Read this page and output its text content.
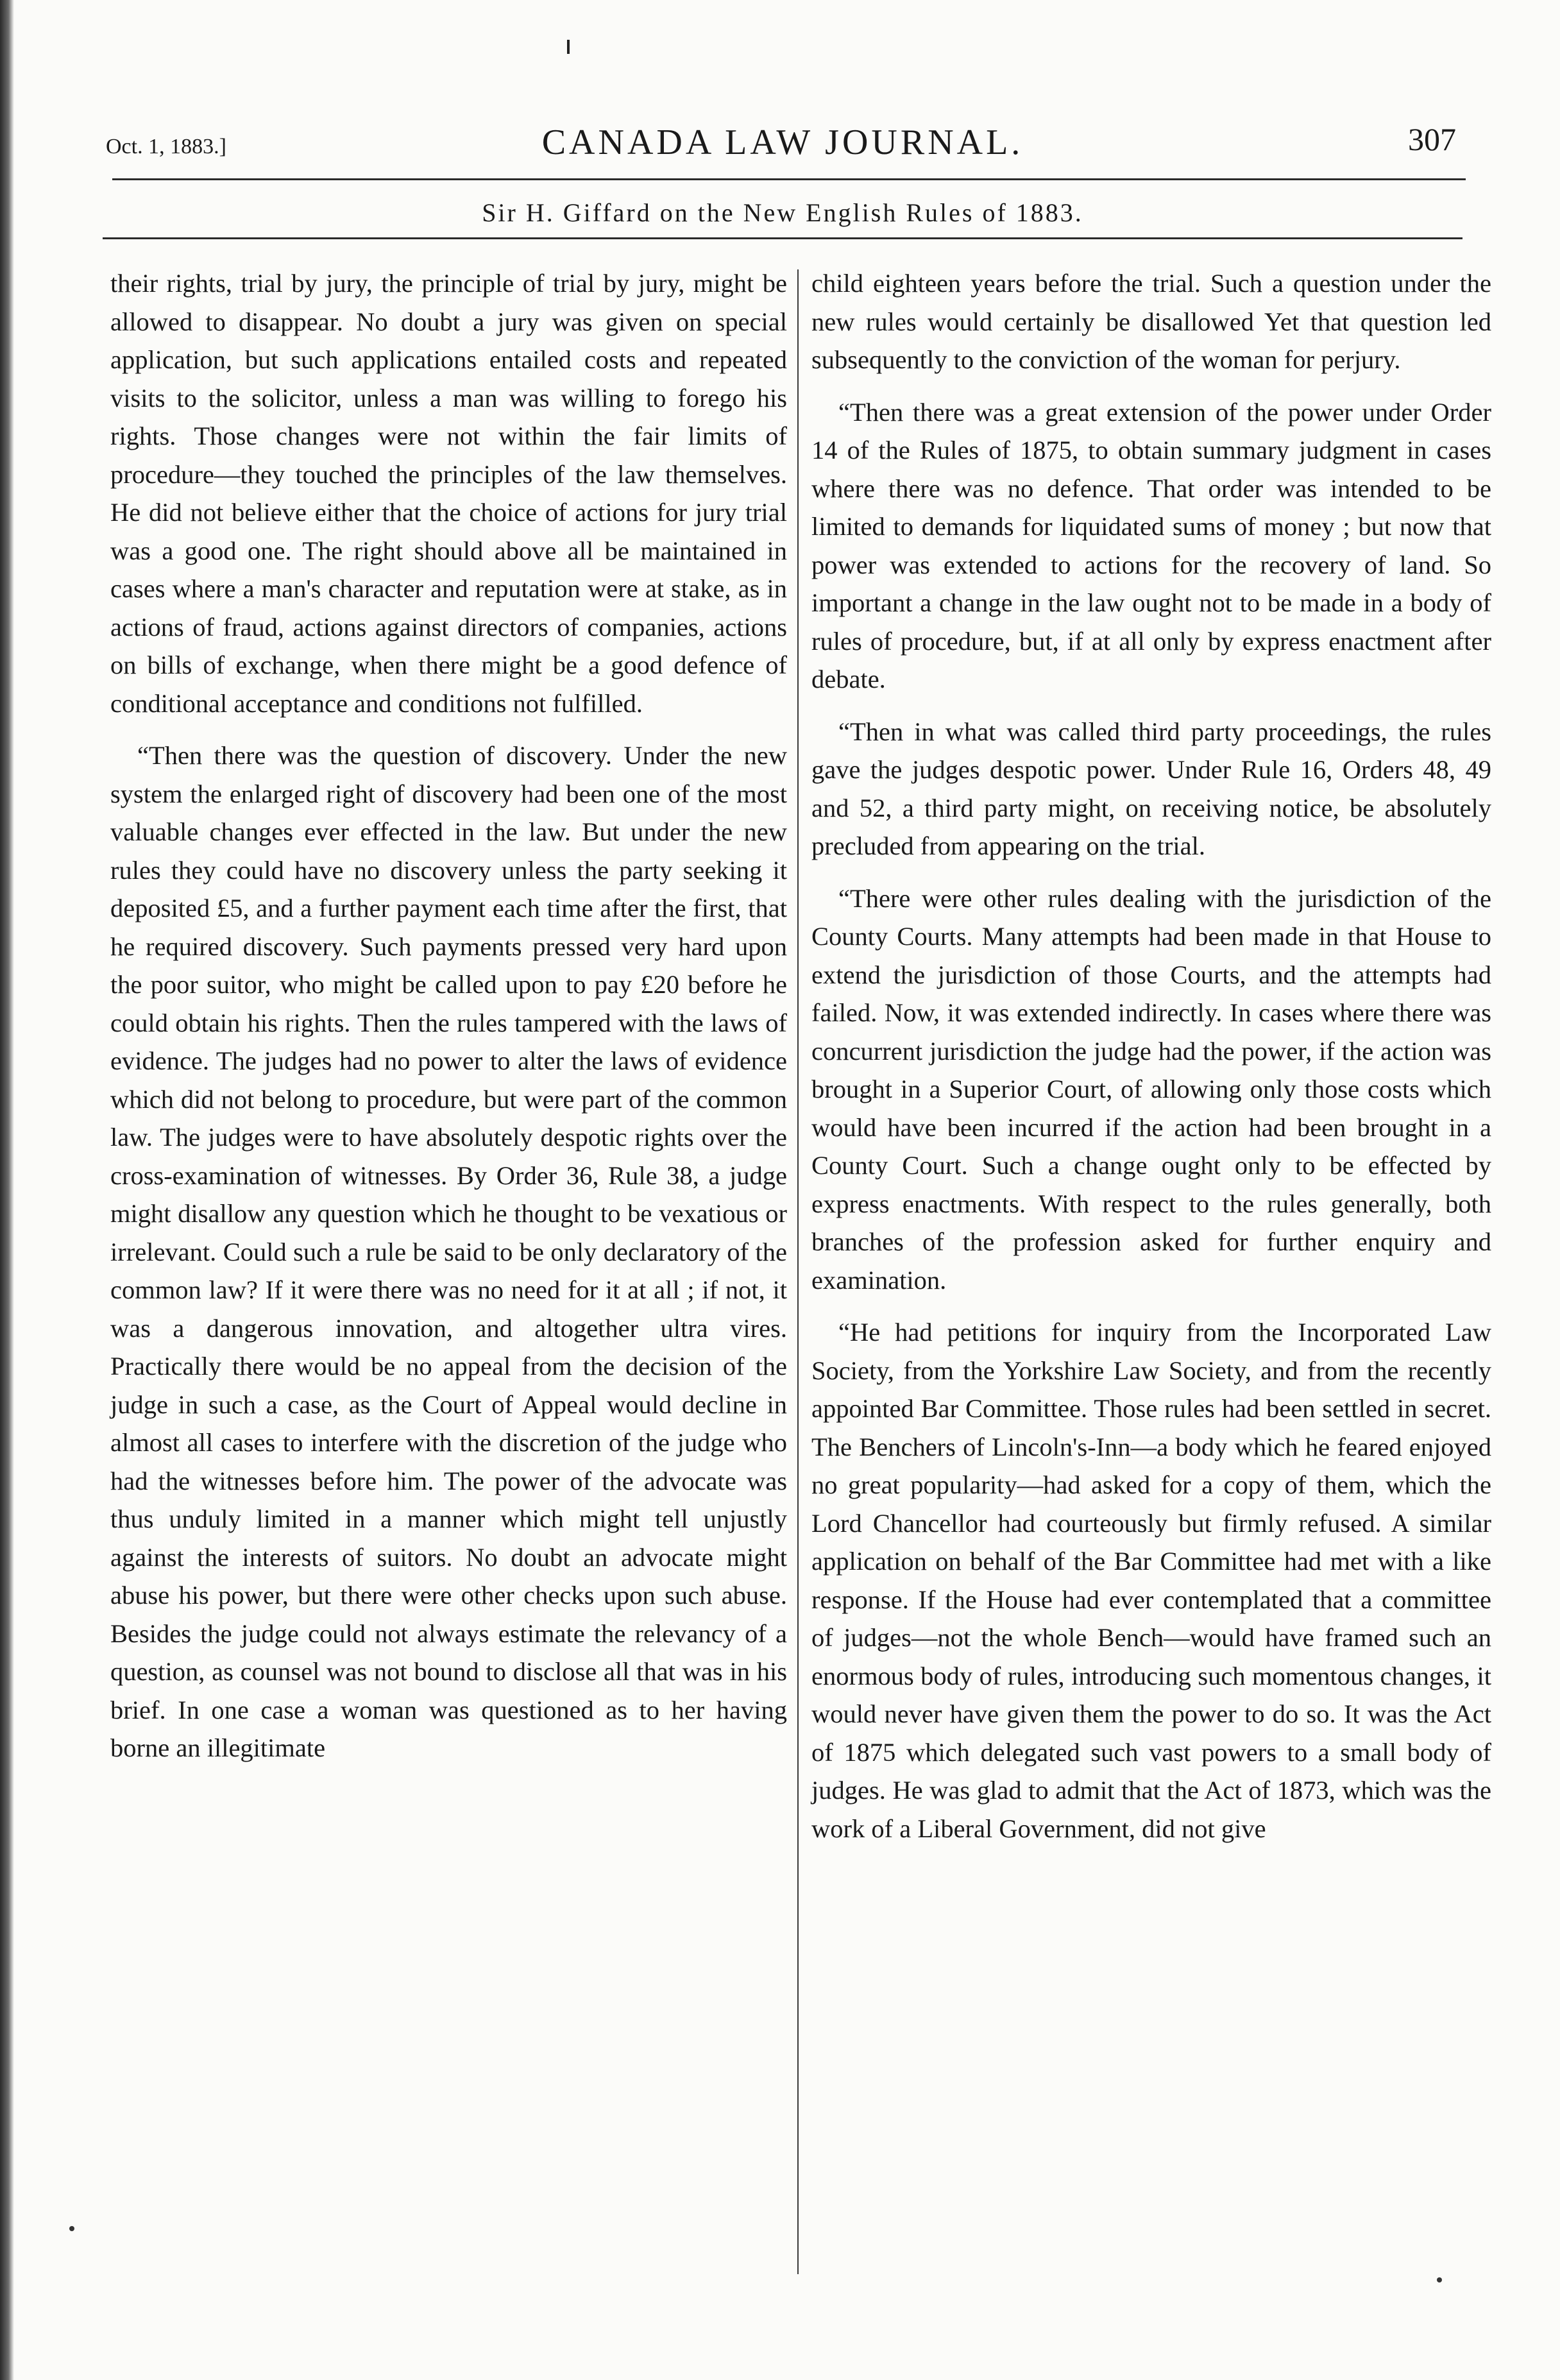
Oct. 1, 1883.]	CANADA LAW JOURNAL.	307
Sir H. Giffard on the New English Rules of 1883.

their rights, trial by jury, the principle of trial by jury, might be allowed to disappear. No doubt a jury was given on special application, but such applications entailed costs and repeated visits to the solicitor, unless a man was willing to forego his rights. Those changes were not within the fair limits of procedure—they touched the principles of the law themselves. He did not believe either that the choice of actions for jury trial was a good one. The right should above all be maintained in cases where a man's character and reputation were at stake, as in actions of fraud, actions against directors of companies, actions on bills of exchange, when there might be a good defence of conditional acceptance and conditions not fulfilled.

“Then there was the question of discovery. Under the new system the enlarged right of discovery had been one of the most valuable changes ever effected in the law. But under the new rules they could have no discovery unless the party seeking it deposited £5, and a further payment each time after the first, that he required discovery. Such payments pressed very hard upon the poor suitor, who might be called upon to pay £20 before he could obtain his rights. Then the rules tampered with the laws of evidence. The judges had no power to alter the laws of evidence which did not belong to procedure, but were part of the common law. The judges were to have absolutely despotic rights over the cross-examination of witnesses. By Order 36, Rule 38, a judge might disallow any question which he thought to be vexatious or irrelevant. Could such a rule be said to be only declaratory of the common law? If it were there was no need for it at all ; if not, it was a dangerous innovation, and altogether ultra vires. Practically there would be no appeal from the decision of the judge in such a case, as the Court of Appeal would decline in almost all cases to interfere with the discretion of the judge who had the witnesses before him. The power of the advocate was thus unduly limited in a manner which might tell unjustly against the interests of suitors. No doubt an advocate might abuse his power, but there were other checks upon such abuse. Besides the judge could not always estimate the relevancy of a question, as counsel was not bound to disclose all that was in his brief. In one case a woman was questioned as to her having borne an illegitimate

child eighteen years before the trial. Such a question under the new rules would certainly be disallowed Yet that question led subsequently to the conviction of the woman for perjury.

“Then there was a great extension of the power under Order 14 of the Rules of 1875, to obtain summary judgment in cases where there was no defence. That order was intended to be limited to demands for liquidated sums of money ; but now that power was extended to actions for the recovery of land. So important a change in the law ought not to be made in a body of rules of procedure, but, if at all only by express enactment after debate.

“Then in what was called third party proceedings, the rules gave the judges despotic power. Under Rule 16, Orders 48, 49 and 52, a third party might, on receiving notice, be absolutely precluded from appearing on the trial.

“There were other rules dealing with the jurisdiction of the County Courts. Many attempts had been made in that House to extend the jurisdiction of those Courts, and the attempts had failed. Now, it was extended indirectly. In cases where there was concurrent jurisdiction the judge had the power, if the action was brought in a Superior Court, of allowing only those costs which would have been incurred if the action had been brought in a County Court. Such a change ought only to be effected by express enactments. With respect to the rules generally, both branches of the profession asked for further enquiry and examination.

“He had petitions for inquiry from the Incorporated Law Society, from the Yorkshire Law Society, and from the recently appointed Bar Committee. Those rules had been settled in secret. The Benchers of Lincoln's-Inn—a body which he feared enjoyed no great popularity—had asked for a copy of them, which the Lord Chancellor had courteously but firmly refused. A similar application on behalf of the Bar Committee had met with a like response. If the House had ever contemplated that a committee of judges—not the whole Bench—would have framed such an enormous body of rules, introducing such momentous changes, it would never have given them the power to do so. It was the Act of 1875 which delegated such vast powers to a small body of judges. He was glad to admit that the Act of 1873, which was the work of a Liberal Government, did not give
